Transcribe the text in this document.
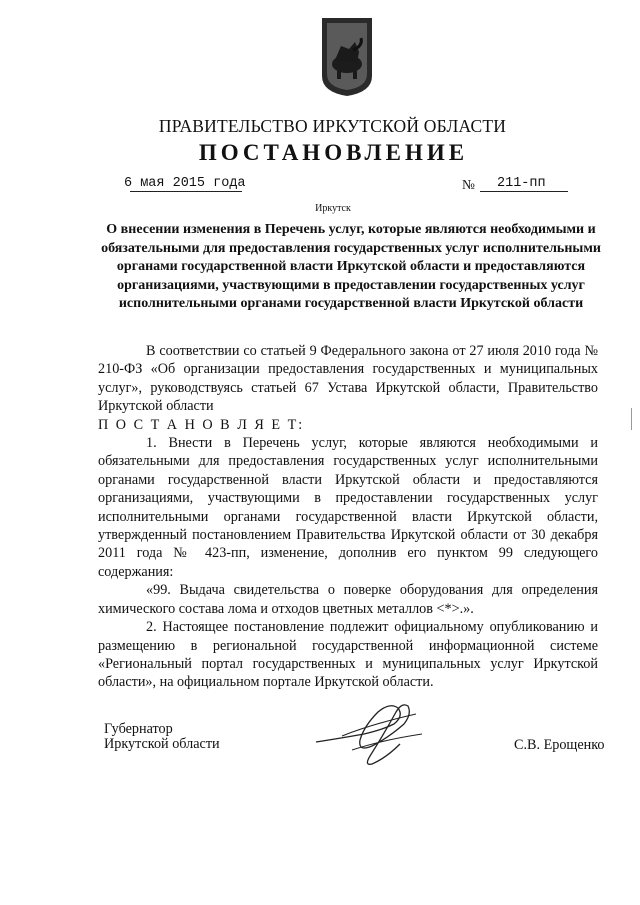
ПРАВИТЕЛЬСТВО ИРКУТСКОЙ ОБЛАСТИ
ПОСТАНОВЛЕНИЕ
6 мая 2015 года	№ 211-пп
Иркутск
О внесении изменения в Перечень услуг, которые являются необходимыми и обязательными для предоставления государственных услуг исполнительными органами государственной власти Иркутской области и предоставляются организациями, участвующими в предоставлении государственных услуг исполнительными органами государственной власти Иркутской области

В соответствии со статьей 9 Федерального закона от 27 июля 2010 года № 210-ФЗ «Об организации предоставления государственных и муниципальных услуг», руководствуясь статьей 67 Устава Иркутской области, Правительство Иркутской области

П О С Т А Н О В Л Я Е Т:

1. Внести в Перечень услуг, которые являются необходимыми и обязательными для предоставления государственных услуг исполнительными органами государственной власти Иркутской области и предоставляются организациями, участвующими в предоставлении государственных услуг исполнительными органами государственной власти Иркутской области, утвержденный постановлением Правительства Иркутской области от 30 декабря 2011 года № 423-пп, изменение, дополнив его пунктом 99 следующего содержания:

«99. Выдача свидетельства о поверке оборудования для определения химического состава лома и отходов цветных металлов <*>.».

2. Настоящее постановление подлежит официальному опубликованию и размещению в региональной государственной информационной системе «Региональный портал государственных и муниципальных услуг Иркутской области», на официальном портале Иркутской области.

Губернатор
Иркутской области	С.В. Ерощенко
